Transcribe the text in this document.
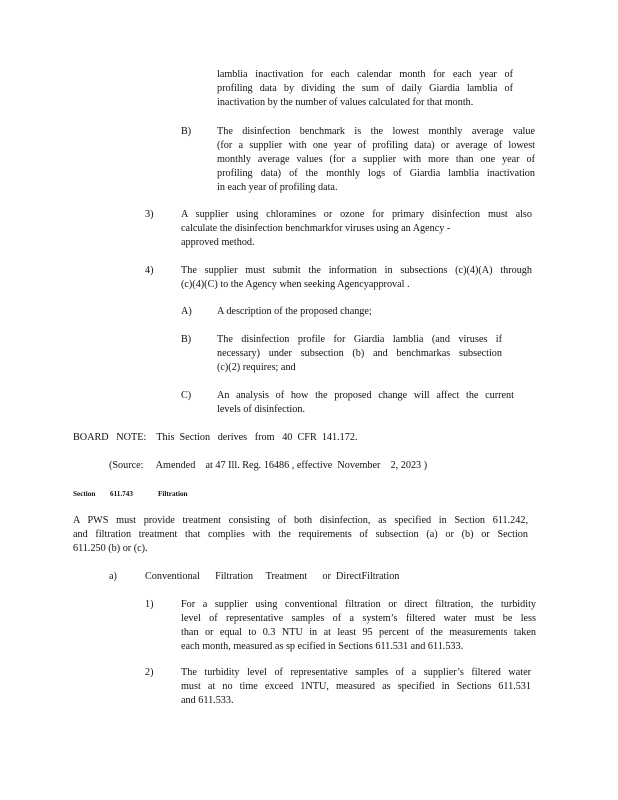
lamblia inactivation for each calendar month for each year of
profiling data by dividing the sum of daily Giardia lamblia of
inactivation by the number of values calculated for that month.
B)	The disinfection benchmark is the lowest monthly average value
(for a supplier with one year of profiling data) or average of lowest
monthly average values (for a supplier with more than one year of
profiling data) of the monthly logs of Giardia lamblia inactivation
in each year of profiling data.
3)	A supplier using chloramines or ozone for primary disinfection must also
calculate the disinfection benchmarkfor viruses using an Agency -
approved method.
4)	The supplier must submit the information in subsections (c)(4)(A) through
(c)(4)(C) to the Agency when seeking Agencyapproval .
A) A description of the proposed change;
B)	The disinfection profile for Giardia lamblia (and viruses if
necessary) under subsection (b) and benchmarkas subsection
(c)(2) requires; and
C)	An analysis of how the proposed change will affect the current
levels of disinfection.
BOARD   NOTE:    This  Section   derives   from   40  CFR  141.172.
(Source:     Amended    at 47 Ill. Reg. 16486 , effective  November    2, 2023 )
Section 611.743	Filtration
A PWS must provide treatment consisting of both disinfection, as specified in Section 611.242,
and filtration treatment that complies with the requirements of subsection (a) or (b) or Section
611.250 (b) or (c).
a)	Conventional      Filtration     Treatment      or  DirectFiltration
1)	For a supplier using conventional filtration or direct filtration, the turbidity
level of representative samples of a system’s filtered water must be less
than or equal to 0.3 NTU in at least 95 percent of the measurements taken
each month, measured as sp ecified in Sections 611.531 and 611.533.
2)	The turbidity level of representative samples of a supplier’s filtered water
must at no time exceed 1NTU, measured as specified in Sections 611.531
and 611.533.
